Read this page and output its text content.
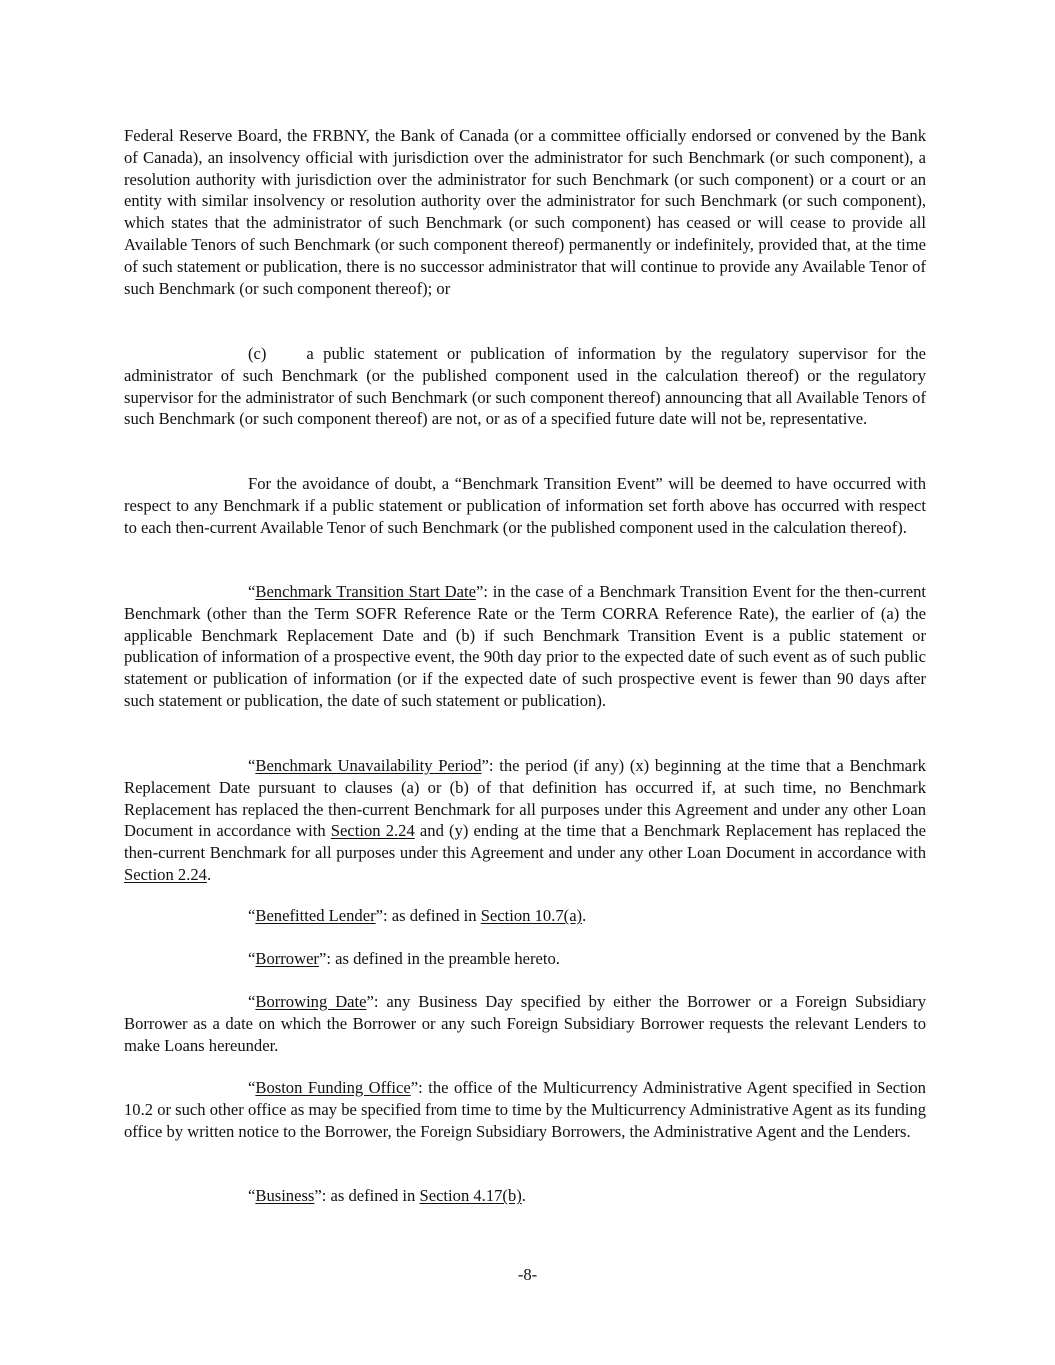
Federal Reserve Board, the FRBNY, the Bank of Canada (or a committee officially endorsed or convened by the Bank of Canada), an insolvency official with jurisdiction over the administrator for such Benchmark (or such component), a resolution authority with jurisdiction over the administrator for such Benchmark (or such component) or a court or an entity with similar insolvency or resolution authority over the administrator for such Benchmark (or such component), which states that the administrator of such Benchmark (or such component) has ceased or will cease to provide all Available Tenors of such Benchmark (or such component thereof) permanently or indefinitely, provided that, at the time of such statement or publication, there is no successor administrator that will continue to provide any Available Tenor of such Benchmark (or such component thereof); or

(c) a public statement or publication of information by the regulatory supervisor for the administrator of such Benchmark (or the published component used in the calculation thereof) or the regulatory supervisor for the administrator of such Benchmark (or such component thereof) announcing that all Available Tenors of such Benchmark (or such component thereof) are not, or as of a specified future date will not be, representative.

For the avoidance of doubt, a “Benchmark Transition Event” will be deemed to have occurred with respect to any Benchmark if a public statement or publication of information set forth above has occurred with respect to each then-current Available Tenor of such Benchmark (or the published component used in the calculation thereof).

“Benchmark Transition Start Date”: in the case of a Benchmark Transition Event for the then-current Benchmark (other than the Term SOFR Reference Rate or the Term CORRA Reference Rate), the earlier of (a) the applicable Benchmark Replacement Date and (b) if such Benchmark Transition Event is a public statement or publication of information of a prospective event, the 90th day prior to the expected date of such event as of such public statement or publication of information (or if the expected date of such prospective event is fewer than 90 days after such statement or publication, the date of such statement or publication).

“Benchmark Unavailability Period”: the period (if any) (x) beginning at the time that a Benchmark Replacement Date pursuant to clauses (a) or (b) of that definition has occurred if, at such time, no Benchmark Replacement has replaced the then-current Benchmark for all purposes under this Agreement and under any other Loan Document in accordance with Section 2.24 and (y) ending at the time that a Benchmark Replacement has replaced the then-current Benchmark for all purposes under this Agreement and under any other Loan Document in accordance with Section 2.24.

“Benefitted Lender”: as defined in Section 10.7(a).

“Borrower”: as defined in the preamble hereto.

“Borrowing Date”: any Business Day specified by either the Borrower or a Foreign Subsidiary Borrower as a date on which the Borrower or any such Foreign Subsidiary Borrower requests the relevant Lenders to make Loans hereunder.

“Boston Funding Office”: the office of the Multicurrency Administrative Agent specified in Section 10.2 or such other office as may be specified from time to time by the Multicurrency Administrative Agent as its funding office by written notice to the Borrower, the Foreign Subsidiary Borrowers, the Administrative Agent and the Lenders.

“Business”: as defined in Section 4.17(b).

-8-
